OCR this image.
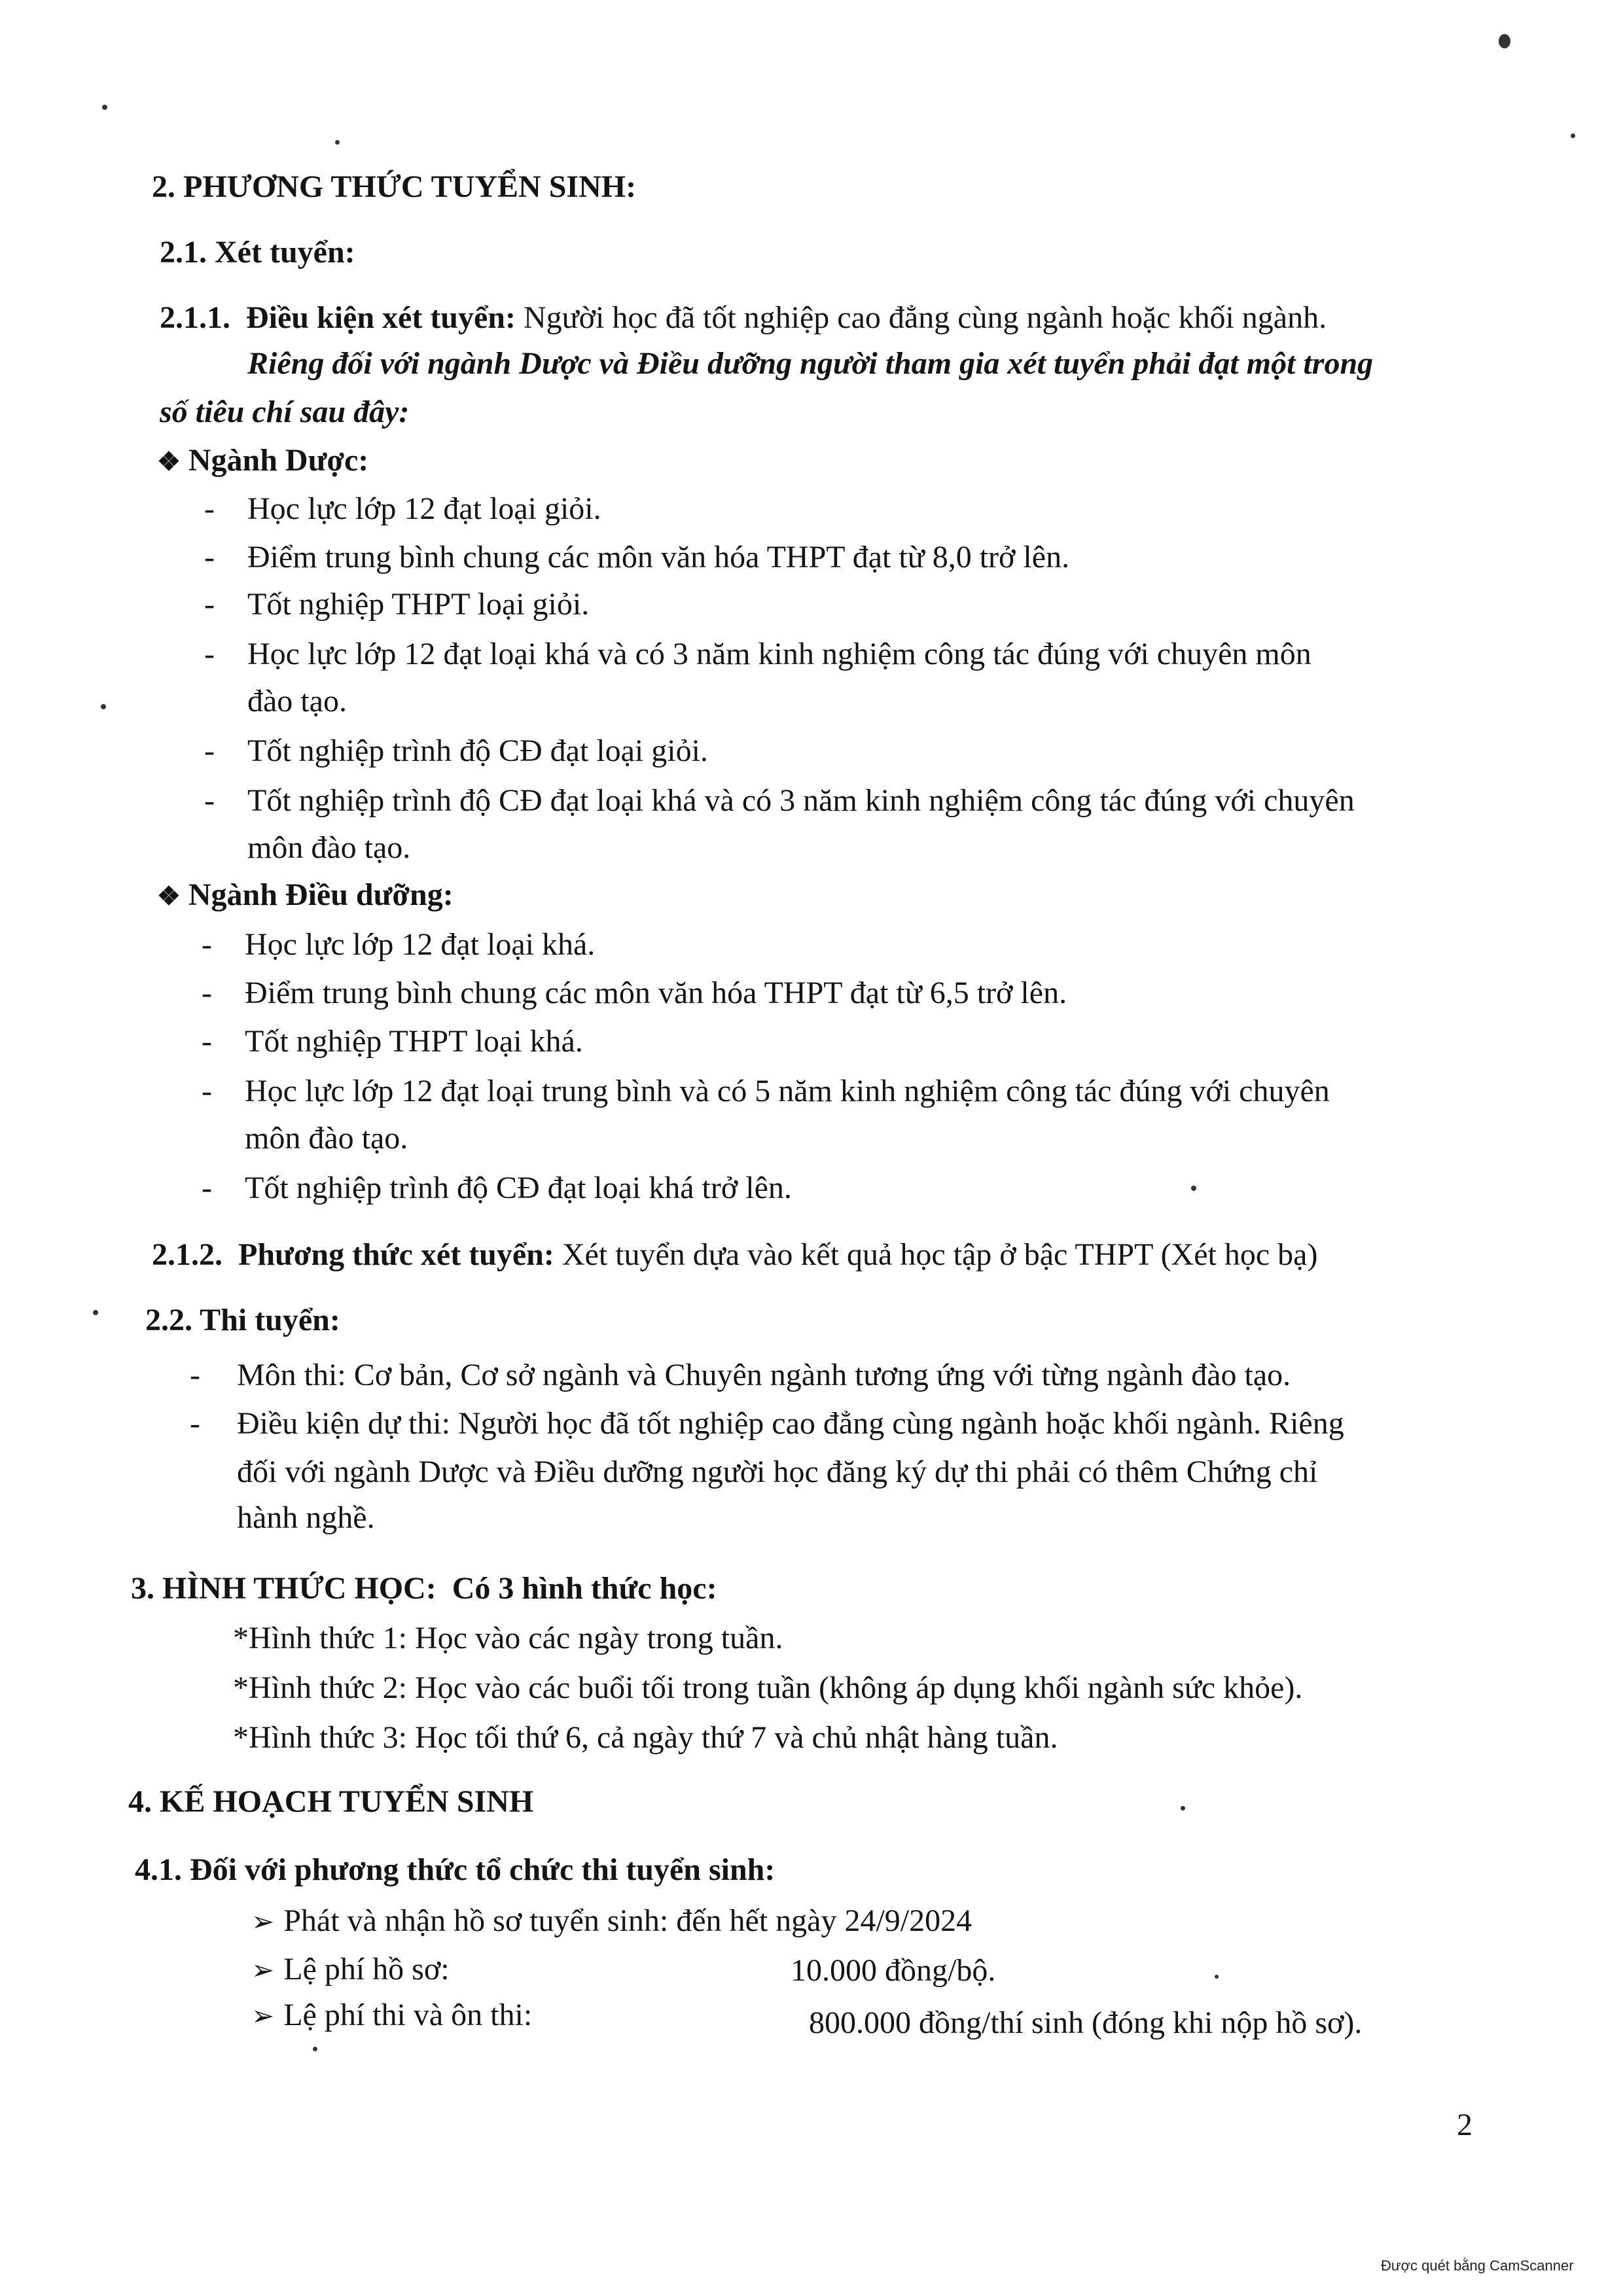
2. PHƯƠNG THỨC TUYỂN SINH:
2.1. Xét tuyển:
2.1.1. Điều kiện xét tuyển: Người học đã tốt nghiệp cao đẳng cùng ngành hoặc khối ngành.
Riêng đối với ngành Dược và Điều dưỡng người tham gia xét tuyển phải đạt một trong
số tiêu chí sau đây:
❖ Ngành Dược:
- Học lực lớp 12 đạt loại giỏi.
- Điểm trung bình chung các môn văn hóa THPT đạt từ 8,0 trở lên.
- Tốt nghiệp THPT loại giỏi.
- Học lực lớp 12 đạt loại khá và có 3 năm kinh nghiệm công tác đúng với chuyên môn
đào tạo.
- Tốt nghiệp trình độ CĐ đạt loại giỏi.
- Tốt nghiệp trình độ CĐ đạt loại khá và có 3 năm kinh nghiệm công tác đúng với chuyên
môn đào tạo.
❖ Ngành Điều dưỡng:
- Học lực lớp 12 đạt loại khá.
- Điểm trung bình chung các môn văn hóa THPT đạt từ 6,5 trở lên.
- Tốt nghiệp THPT loại khá.
- Học lực lớp 12 đạt loại trung bình và có 5 năm kinh nghiệm công tác đúng với chuyên
môn đào tạo.
- Tốt nghiệp trình độ CĐ đạt loại khá trở lên.
2.1.2. Phương thức xét tuyển: Xét tuyển dựa vào kết quả học tập ở bậc THPT (Xét học bạ)
2.2. Thi tuyển:
- Môn thi: Cơ bản, Cơ sở ngành và Chuyên ngành tương ứng với từng ngành đào tạo.
- Điều kiện dự thi: Người học đã tốt nghiệp cao đẳng cùng ngành hoặc khối ngành. Riêng
đối với ngành Dược và Điều dưỡng người học đăng ký dự thi phải có thêm Chứng chỉ
hành nghề.
3. HÌNH THỨC HỌC: Có 3 hình thức học:
*Hình thức 1: Học vào các ngày trong tuần.
*Hình thức 2: Học vào các buổi tối trong tuần (không áp dụng khối ngành sức khỏe).
*Hình thức 3: Học tối thứ 6, cả ngày thứ 7 và chủ nhật hàng tuần.
4. KẾ HOẠCH TUYỂN SINH
4.1. Đối với phương thức tổ chức thi tuyển sinh:
➢ Phát và nhận hồ sơ tuyển sinh: đến hết ngày 24/9/2024
➢ Lệ phí hồ sơ:	10.000 đồng/bộ.
➢ Lệ phí thi và ôn thi:	800.000 đồng/thí sinh (đóng khi nộp hồ sơ).
2
Được quét bằng CamScanner
